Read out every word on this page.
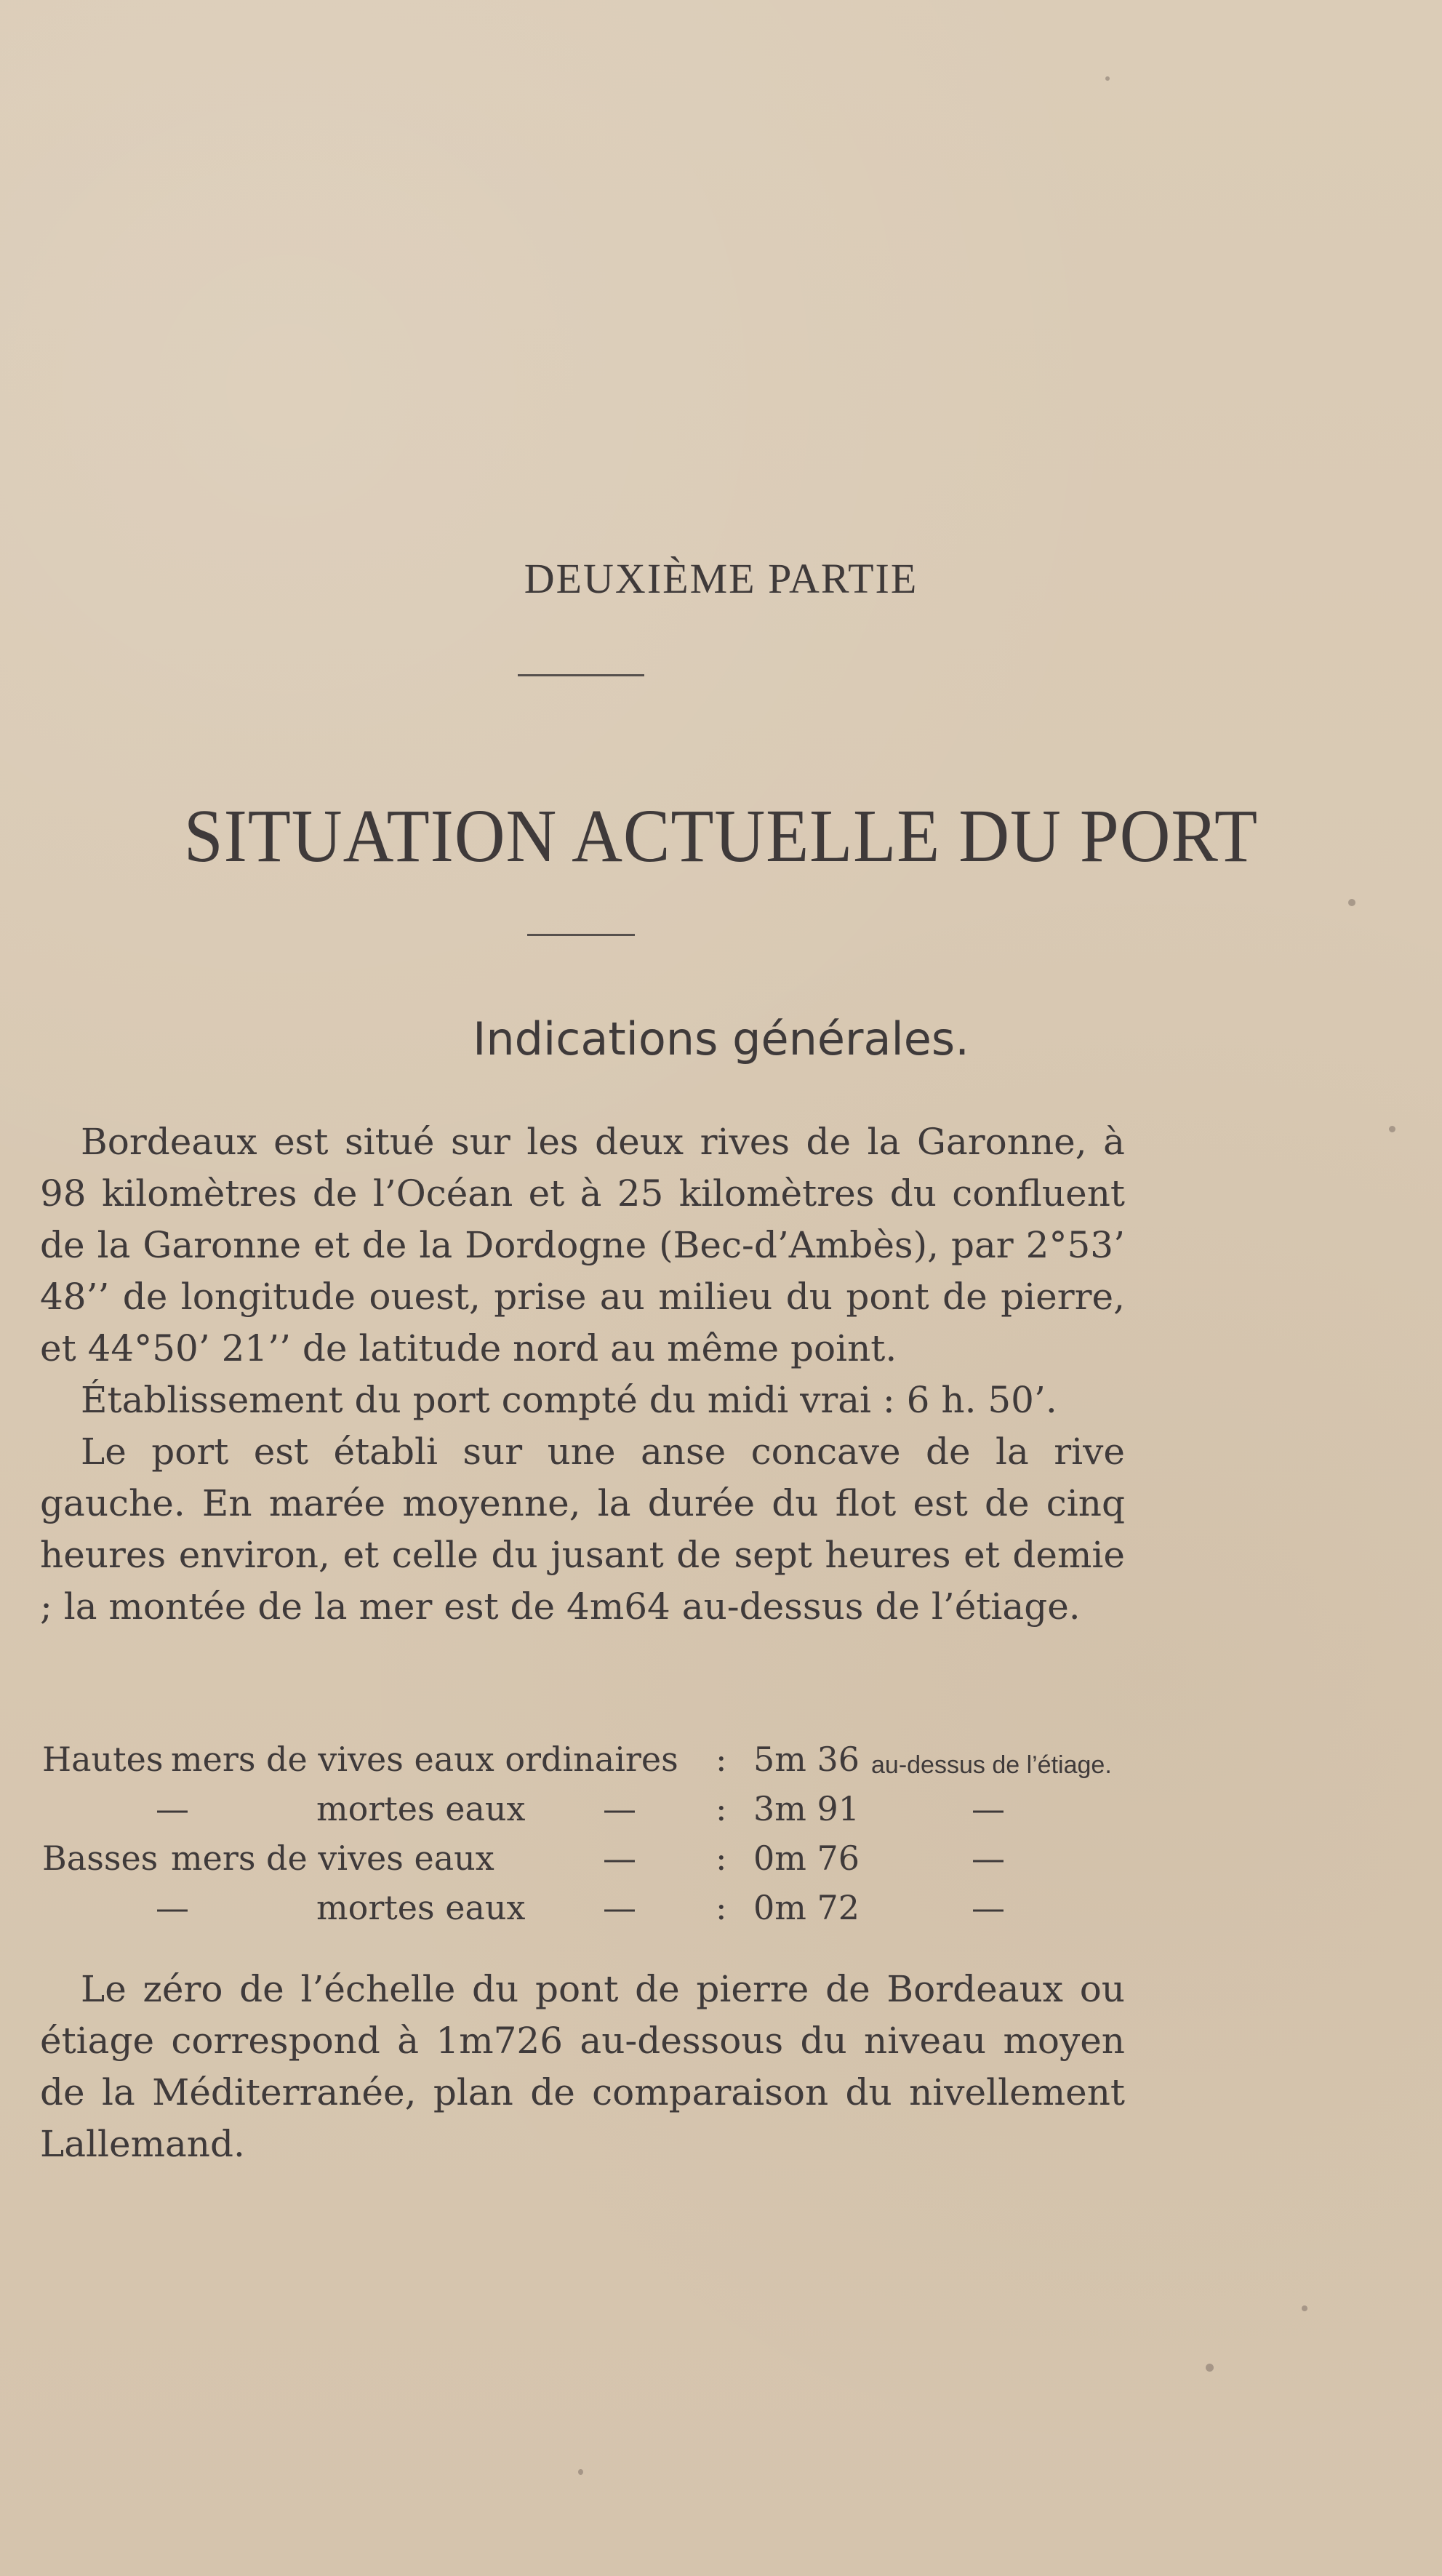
DEUXIÈME PARTIE
SITUATION ACTUELLE DU PORT
Indications générales.

Bordeaux est situé sur les deux rives de la Garonne, à 98 kilomètres de l’Océan et à 25 kilomètres du confluent de la Garonne et de la Dordogne (Bec-d’Ambès), par 2°53’ 48’’ de longitude ouest, prise au milieu du pont de pierre, et 44°50’ 21’’ de latitude nord au même point.

Établissement du port compté du midi vrai : 6 h. 50’.

Le port est établi sur une anse concave de la rive gauche. En marée moyenne, la durée du flot est de cinq heures environ, et celle du jusant de sept heures et demie ; la montée de la mer est de 4m64 au-dessus de l’étiage.

Hautes mers de vives eaux ordinaires : 5m 36 au-dessus de l’étiage.
—	mortes eaux — : 3m 91	—
Basses mers de vives eaux	— : 0m 76	—
—	mortes eaux — : 0m 72	—

Le zéro de l’échelle du pont de pierre de Bordeaux ou étiage correspond à 1m726 au-dessous du niveau moyen de la Méditerranée, plan de comparaison du nivellement Lallemand.
